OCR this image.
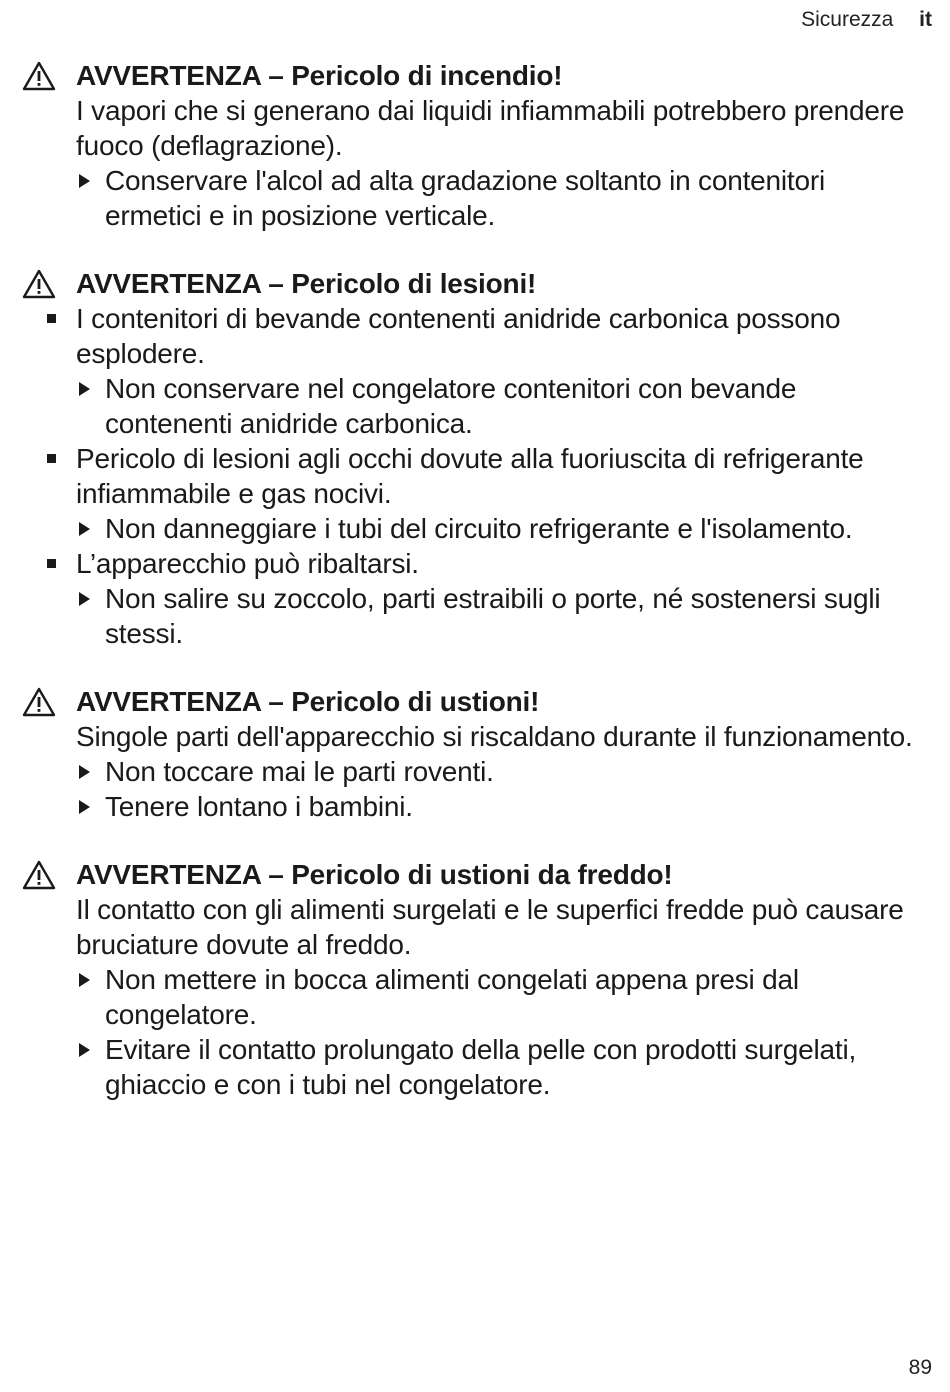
Sicurezza it
AVVERTENZA – Pericolo di incendio!
I vapori che si generano dai liquidi infiammabili potrebbero prendere fuoco (deflagrazione).
Conservare l'alcol ad alta gradazione soltanto in contenitori ermetici e in posizione verticale.
AVVERTENZA – Pericolo di lesioni!
I contenitori di bevande contenenti anidride carbonica possono esplodere.
Non conservare nel congelatore contenitori con bevande contenenti anidride carbonica.
Pericolo di lesioni agli occhi dovute alla fuoriuscita di refrigerante infiammabile e gas nocivi.
Non danneggiare i tubi del circuito refrigerante e l'isolamento.
L’apparecchio può ribaltarsi.
Non salire su zoccolo, parti estraibili o porte, né sostenersi sugli stessi.
AVVERTENZA – Pericolo di ustioni!
Singole parti dell'apparecchio si riscaldano durante il funzionamento.
Non toccare mai le parti roventi.
Tenere lontano i bambini.
AVVERTENZA – Pericolo di ustioni da freddo!
Il contatto con gli alimenti surgelati e le superfici fredde può causare bruciature dovute al freddo.
Non mettere in bocca alimenti congelati appena presi dal congelatore.
Evitare il contatto prolungato della pelle con prodotti surgelati, ghiaccio e con i tubi nel congelatore.
89
